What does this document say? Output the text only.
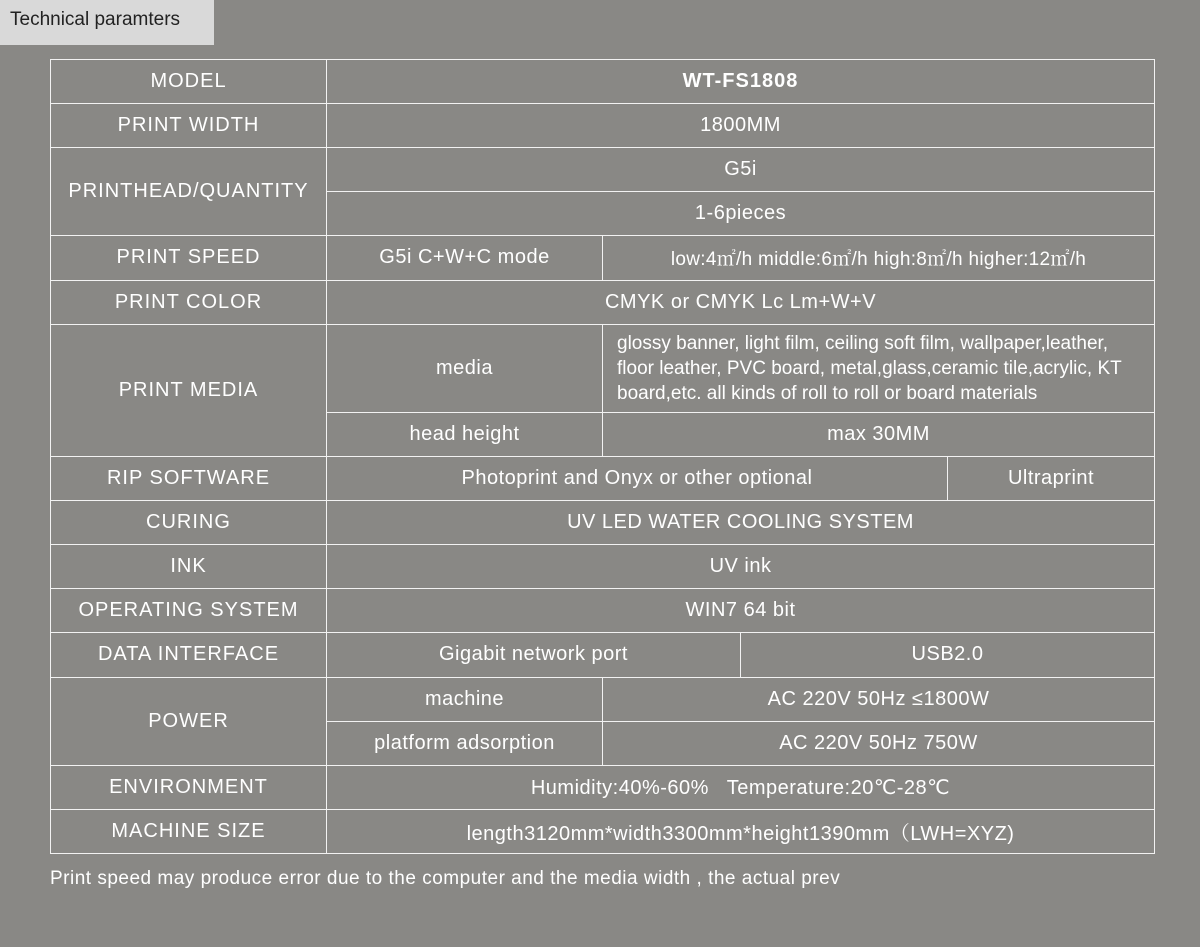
Technical paramters
MODEL	WT-FS1808			
PRINT WIDTH	1800MM			
PRINTHEAD/QUANTITY	G5i			
	1-6pieces			
PRINT SPEED	G5i C+W+C mode	low:4㎡/h middle:6㎡/h high:8㎡/h higher:12㎡/h		
PRINT COLOR	CMYK or CMYK Lc Lm+W+V			
PRINT MEDIA	media	glossy banner, light film, ceiling soft film, wallpaper,leather, floor leather, PVC board, metal,glass,ceramic tile,acrylic, KT board,etc. all kinds of roll to roll or board materials		
	head height	max 30MM		
RIP SOFTWARE	Photoprint and Onyx or other optional			Ultraprint
CURING	UV LED WATER COOLING SYSTEM			
INK	UV ink			
OPERATING SYSTEM	WIN7 64 bit			
DATA INTERFACE	Gigabit network port		USB2.0	
POWER	machine	AC 220V 50Hz ≤1800W		
	platform adsorption	AC 220V 50Hz 750W		
ENVIRONMENT	Humidity:40%-60%   Temperature:20℃-28℃			
MACHINE SIZE	length3120mm*width3300mm*height1390mm（LWH=XYZ)			
Print speed may produce error due to the computer and the media width , the actual prev
